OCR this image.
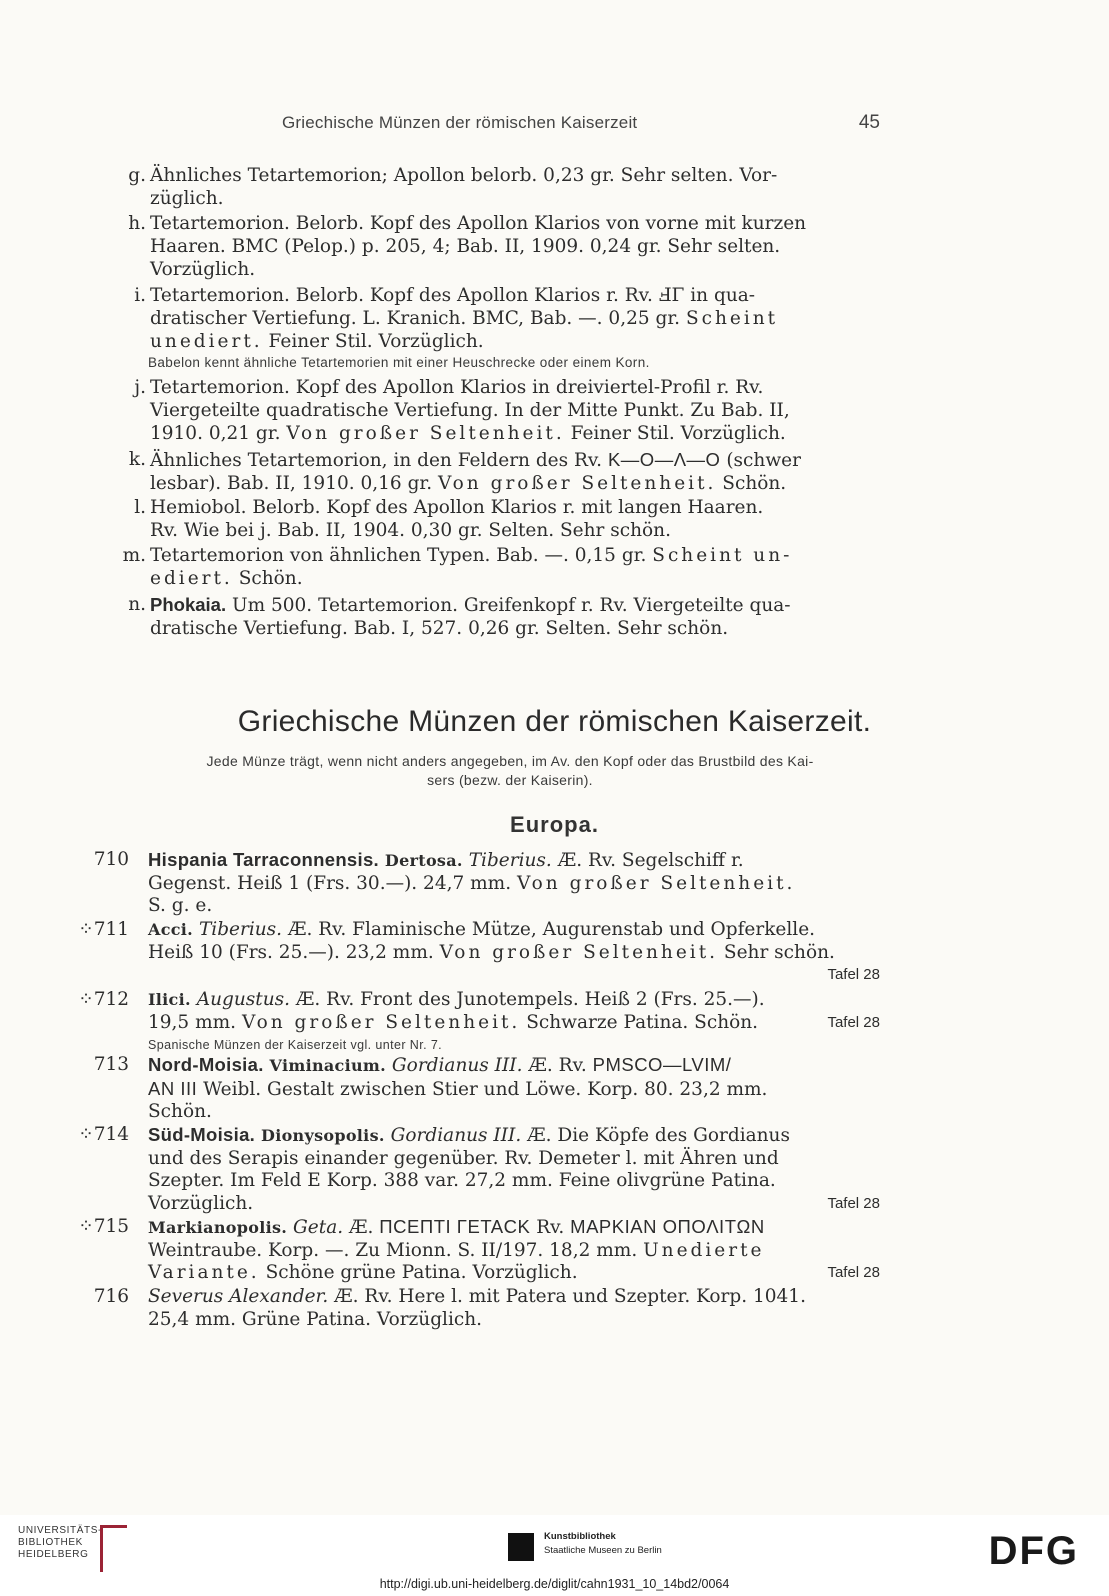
Griechische Münzen der römischen Kaiserzeit	45
g. Ähnliches Tetartemorion; Apollon belorb. 0,23 gr. Sehr selten. Vor-
züglich.
h. Tetartemorion. Belorb. Kopf des Apollon Klarios von vorne mit kurzen
Haaren. BMC (Pelop.) p. 205, 4; Bab. II, 1909. 0,24 gr. Sehr selten.
Vorzüglich.
i. Tetartemorion. Belorb. Kopf des Apollon Klarios r. Rv. ℲΓ in qua-
dratischer Vertiefung. L. Kranich. BMC, Bab. —. 0,25 gr. Scheint
unediert. Feiner Stil. Vorzüglich.
Babelon kennt ähnliche Tetartemorien mit einer Heuschrecke oder einem Korn.
j. Tetartemorion. Kopf des Apollon Klarios in dreiviertel-Profil r. Rv.
Viergeteilte quadratische Vertiefung. In der Mitte Punkt. Zu Bab. II,
1910. 0,21 gr. Von großer Seltenheit. Feiner Stil. Vorzüglich.
k. Ähnliches Tetartemorion, in den Feldern des Rv. K—O—Λ—O (schwer
lesbar). Bab. II, 1910. 0,16 gr. Von großer Seltenheit. Schön.
l. Hemiobol. Belorb. Kopf des Apollon Klarios r. mit langen Haaren.
Rv. Wie bei j. Bab. II, 1904. 0,30 gr. Selten. Sehr schön.
m. Tetartemorion von ähnlichen Typen. Bab. —. 0,15 gr. Scheint un-
ediert. Schön.
n. Phokaia. Um 500. Tetartemorion. Greifenkopf r. Rv. Viergeteilte qua-
dratische Vertiefung. Bab. I, 527. 0,26 gr. Selten. Sehr schön.
Griechische Münzen der römischen Kaiserzeit.
Jede Münze trägt, wenn nicht anders angegeben, im Av. den Kopf oder das Brustbild des Kai-
sers (bezw. der Kaiserin).
Europa.
710 Hispania Tarraconnensis. Dertosa. Tiberius. Æ. Rv. Segelschiff r.
Gegenst. Heiß 1 (Frs. 30.—). 24,7 mm. Von großer Seltenheit.
S. g. e.
⁘711 Acci. Tiberius. Æ. Rv. Flaminische Mütze, Augurenstab und Opferkelle.
Heiß 10 (Frs. 25.—). 23,2 mm. Von großer Seltenheit. Sehr schön.
Tafel 28

⁘712 Ilici. Augustus. Æ. Rv. Front des Junotempels. Heiß 2 (Frs. 25.—).
19,5 mm. Von großer Seltenheit. Schwarze Patina. Schön.	Tafel 28
Spanische Münzen der Kaiserzeit vgl. unter Nr. 7.
713 Nord-Moisia. Viminacium. Gordianus III. Æ. Rv. PMSCO—LVIM/
AN III Weibl. Gestalt zwischen Stier und Löwe. Korp. 80. 23,2 mm.
Schön.
⁘714 Süd-Moisia. Dionysopolis. Gordianus III. Æ. Die Köpfe des Gordianus
und des Serapis einander gegenüber. Rv. Demeter l. mit Ähren und
Szepter. Im Feld E Korp. 388 var. 27,2 mm. Feine olivgrüne Patina.
Vorzüglich.	Tafel 28
⁘715 Markianopolis. Geta. Æ. ΠCEΠTI ΓETACK Rv. MAPKIAN OΠOΛITΩN
Weintraube. Korp. —. Zu Mionn. S. II/197. 18,2 mm. Unedierte
Variante. Schöne grüne Patina. Vorzüglich.	Tafel 28
716 Severus Alexander. Æ. Rv. Here l. mit Patera und Szepter. Korp. 1041.
25,4 mm. Grüne Patina. Vorzüglich.
UNIVERSITÄTS-
BIBLIOTHEK
HEIDELBERG
Kunstbibliothek
Staatliche Museen zu Berlin	DFG
http://digi.ub.uni-heidelberg.de/diglit/cahn1931_10_14bd2/0064
